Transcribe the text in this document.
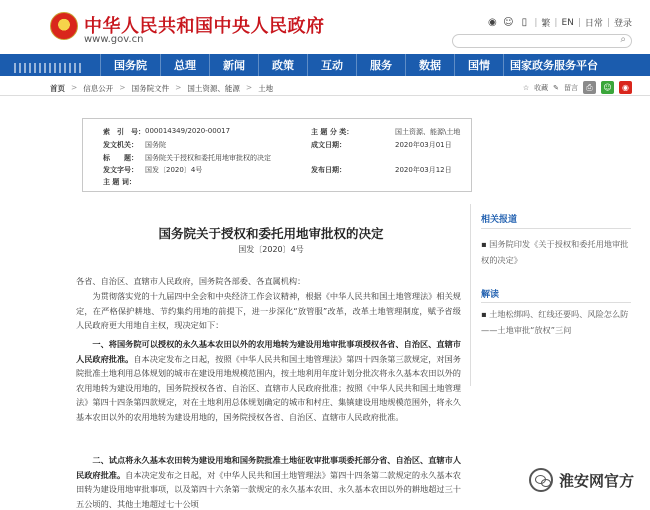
中华人民共和国中央人民政府
www.gov.cn
◉ ☺ ▯ | 繁 | EN | 日常 | 登录
⌕
国务院	总理	新闻	政策	互动	服务	数据	国情	国家政务服务平台
首页 > 信息公开 > 国务院文件 > 国土资源、能源 > 土地	☆ 收藏 ✎ 留言	⎙	☺	◉
索　引　号： 000014349/2020-00017	主 题 分 类：	国土资源、能源\土地
发文机关： 国务院	成文日期：	2020年03月01日
标　　题： 国务院关于授权和委托用地审批权的决定
发文字号： 国发〔2020〕4号	发布日期：	2020年03月12日
主 题 词：
国务院关于授权和委托用地审批权的决定
国发〔2020〕4号
各省、自治区、直辖市人民政府，国务院各部委、各直属机构：
　　为贯彻落实党的十九届四中全会和中央经济工作会议精神，根据《中华人民共和国土地管理法》相关规定，在严格保护耕地、节约集约用地的前提下，进一步深化“放管服”改革，改革土地管理制度，赋予省级人民政府更大用地自主权，现决定如下：
　　一、将国务院可以授权的永久基本农田以外的农用地转为建设用地审批事项授权各省、自治区、直辖市人民政府批准。自本决定发布之日起，按照《中华人民共和国土地管理法》第四十四条第三款规定，对国务院批准土地利用总体规划的城市在建设用地规模范围内，按土地利用年度计划分批次将永久基本农田以外的农用地转为建设用地的，国务院授权各省、自治区、直辖市人民政府批准；按照《中华人民共和国土地管理法》第四十四条第四款规定，对在土地利用总体规划确定的城市和村庄、集镇建设用地规模范围外，将永久基本农田以外的农用地转为建设用地的，国务院授权各省、自治区、直辖市人民政府批准。
　　二、试点将永久基本农田转为建设用地和国务院批准土地征收审批事项委托部分省、自治区、直辖市人民政府批准。自本决定发布之日起，对《中华人民共和国土地管理法》第四十四条第二款规定的永久基本农田转为建设用地审批事项，以及第四十六条第一款规定的永久基本农田、永久基本农田以外的耕地超过三十五公顷的、其他土地超过七十公顷
相关报道
▪ 国务院印发《关于授权和委托用地审批权的决定》
解读
▪ 土地松绑吗、红线还要吗、风险怎么防——土地审批“放权”三问
淮安网官方
